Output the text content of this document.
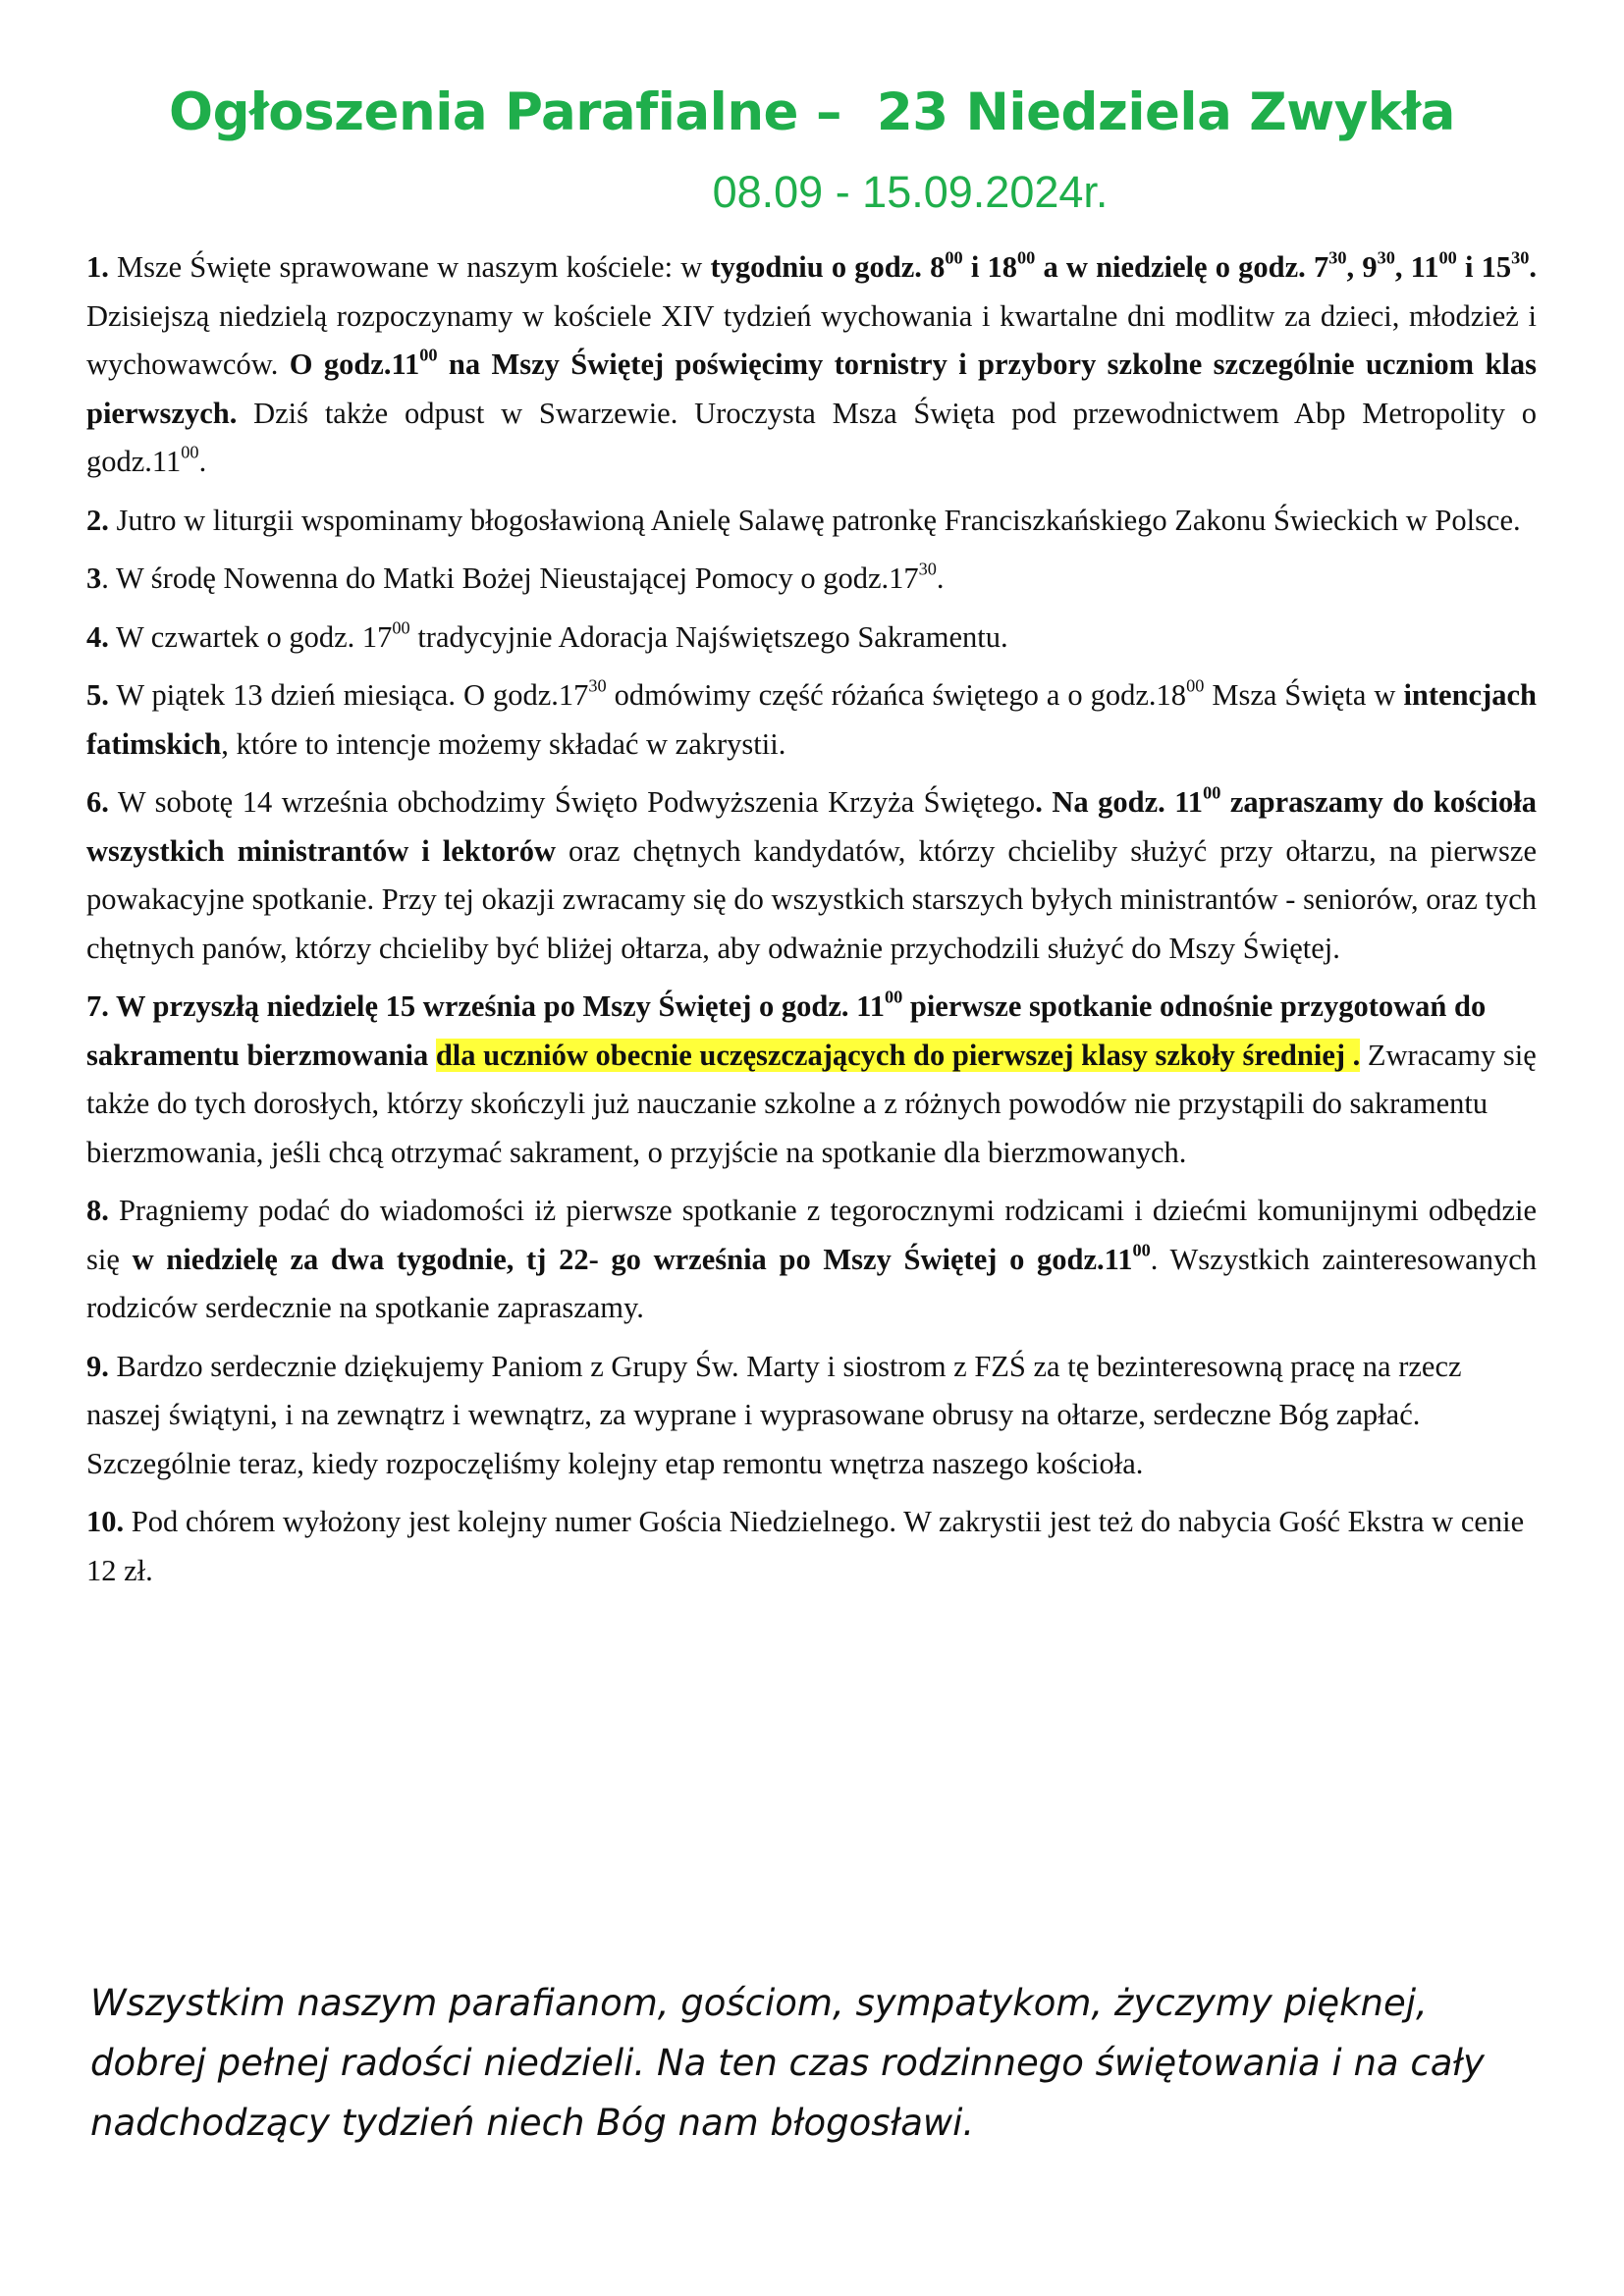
Ogłoszenia Parafialne –  23 Niedziela Zwykła
08.09 - 15.09.2024r.

1. Msze Święte sprawowane w naszym kościele: w tygodniu o godz. $8^{00}$ i $18^{00}$ a w niedzielę o godz. $7^{30}$, $9^{30}$, $11^{00}$ i $15^{30}$. Dzisiejszą niedzielą rozpoczynamy w kościele XIV tydzień wychowania i kwartalne dni modlitw za dzieci, młodzież i wychowawców. O $godz.11^{00}$ na Mszy Świętej poświęcimy tornistry i przybory szkolne szczególnie uczniom klas pierwszych. Dziś także odpust w Swarzewie. Uroczysta Msza Święta pod przewodnictwem Abp Metropolity o $godz.11^{00}$.

2. Jutro w liturgii wspominamy błogosławioną Anielę Salawę patronkę Franciszkańskiego Zakonu Świeckich w Polsce.

3. W środę Nowenna do Matki Bożej Nieustającej Pomocy o $godz.17^{30}$.

4. W czwartek o godz. $17^{00}$ tradycyjnie Adoracja Najświętszego Sakramentu.

5. W piątek 13 dzień miesiąca. O $godz.17^{30}$ odmówimy część różańca świętego a o $godz.18^{00}$ Msza Święta w intencjach fatimskich, które to intencje możemy składać w zakrystii.

6. W sobotę 14 września obchodzimy Święto Podwyższenia Krzyża Świętego. Na godz. $11^{00}$ zapraszamy do kościoła wszystkich ministrantów i lektorów oraz chętnych kandydatów, którzy chcieliby służyć przy ołtarzu, na pierwsze powakacyjne spotkanie. Przy tej okazji zwracamy się do wszystkich starszych byłych ministrantów - seniorów, oraz tych chętnych panów, którzy chcieliby być bliżej ołtarza, aby odważnie przychodzili służyć do Mszy Świętej.

7. W przyszłą niedzielę 15 września po Mszy Świętej o godz. $11^{00}$ pierwsze spotkanie odnośnie przygotowań do sakramentu bierzmowania dla uczniów obecnie uczęszczających do pierwszej klasy szkoły średniej . Zwracamy się także do tych dorosłych, którzy skończyli już nauczanie szkolne a z różnych powodów nie przystąpili do sakramentu bierzmowania, jeśli chcą otrzymać sakrament, o przyjście na spotkanie dla bierzmowanych.

8. Pragniemy podać do wiadomości iż pierwsze spotkanie z tegorocznymi rodzicami i dziećmi komunijnymi odbędzie się w niedzielę za dwa tygodnie, tj 22- go września po Mszy Świętej o $godz.11^{00}$. Wszystkich zainteresowanych rodziców serdecznie na spotkanie zapraszamy.

9. Bardzo serdecznie dziękujemy Paniom z Grupy Św. Marty i siostrom z FZŚ za tę bezinteresowną pracę na rzecz naszej świątyni, i na zewnątrz i wewnątrz, za wyprane i wyprasowane obrusy na ołtarze, serdeczne Bóg zapłać. Szczególnie teraz, kiedy rozpoczęliśmy kolejny etap remontu wnętrza naszego kościoła.

10. Pod chórem wyłożony jest kolejny numer Gościa Niedzielnego. W zakrystii jest też do nabycia Gość Ekstra w cenie 12 zł.

Wszystkim naszym parafianom, gościom, sympatykom, życzymy pięknej, dobrej pełnej radości niedzieli. Na ten czas rodzinnego świętowania i na cały nadchodzący tydzień niech Bóg nam błogosławi.
